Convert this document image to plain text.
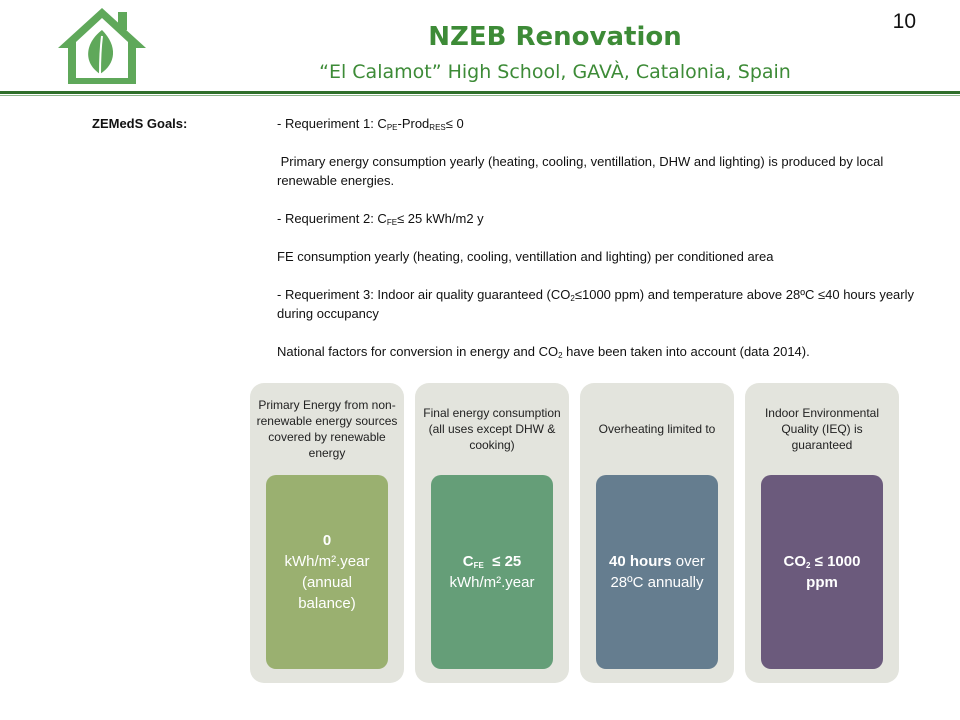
NZEB Renovation
“El Calamot” High School, GAVÀ, Catalonia, Spain
10
ZEMedS Goals:	- Requeriment 1: $C_{PE}-Prod_{RES}\le 0$

Primary energy consumption yearly (heating, cooling, ventillation, DHW and lighting) is produced by local renewable energies.

- Requeriment 2: $C_{FE}\le 25$ kWh/m2 y

FE consumption yearly (heating, cooling, ventillation and lighting) per conditioned area

- Requeriment 3: Indoor air quality guaranteed ($CO_2\le 1000$ ppm) and temperature above 28ºC ≤40 hours yearly during occupancy

National factors for conversion in energy and $CO_2$ have been taken into account (data 2014).

Primary Energy from non-renewable energy sources covered by renewable energy
0
kWh/m².year (annual balance)
Final energy consumption (all uses except DHW & cooking)
$C_{FE} \le 25$
kWh/m².year
Overheating limited to
40 hours over 28ºC annually
Indoor Environmental Quality (IEQ) is guaranteed
$CO_2 \le 1000$ ppm
